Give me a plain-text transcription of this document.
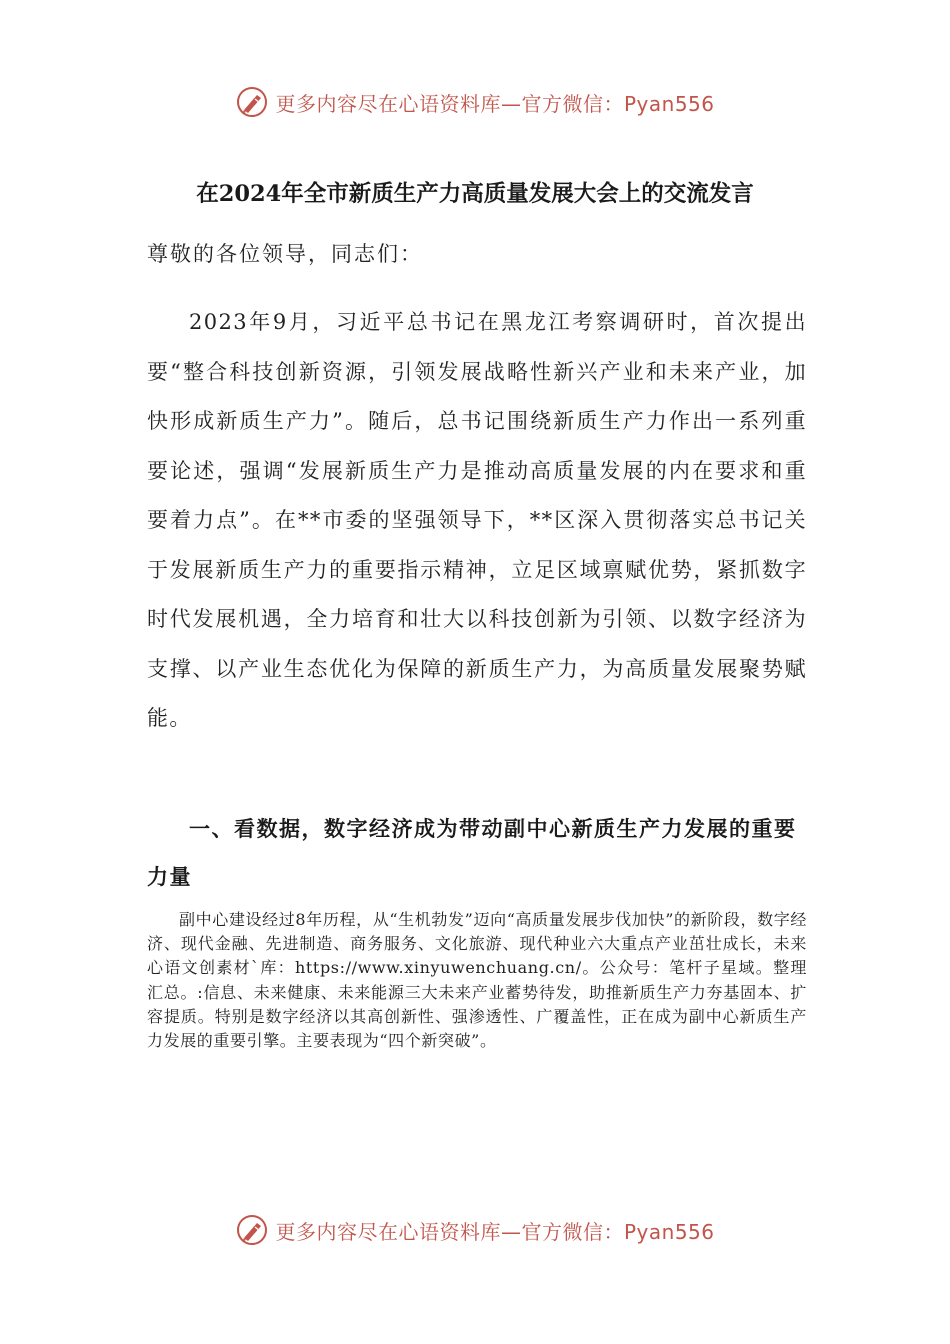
更多内容尽在心语资料库—官方微信：Pyan556
在2024年全市新质生产力高质量发展大会上的交流发言
尊敬的各位领导，同志们：

2023年9月，习近平总书记在黑龙江考察调研时，首次提出要“整合科技创新资源，引领发展战略性新兴产业和未来产业，加快形成新质生产力”。随后，总书记围绕新质生产力作出一系列重要论述，强调“发展新质生产力是推动高质量发展的内在要求和重要着力点”。在**市委的坚强领导下，**区深入贯彻落实总书记关于发展新质生产力的重要指示精神，立足区域禀赋优势，紧抓数字时代发展机遇，全力培育和壮大以科技创新为引领、以数字经济为支撑、以产业生态优化为保障的新质生产力，为高质量发展聚势赋能。

一、看数据，数字经济成为带动副中心新质生产力发展的重要力量

副中心建设经过8年历程，从“生机勃发”迈向“高质量发展步伐加快”的新阶段，数字经济、现代金融、先进制造、商务服务、文化旅游、现代种业六大重点产业茁壮成长，未来心语文创素材`库：https://www.xinyuwenchuang.cn/。公众号：笔杆子星域。整理汇总。:信息、未来健康、未来能源三大未来产业蓄势待发，助推新质生产力夯基固本、扩容提质。特别是数字经济以其高创新性、强渗透性、广覆盖性，正在成为副中心新质生产力发展的重要引擎。主要表现为“四个新突破”。

更多内容尽在心语资料库—官方微信：Pyan556
